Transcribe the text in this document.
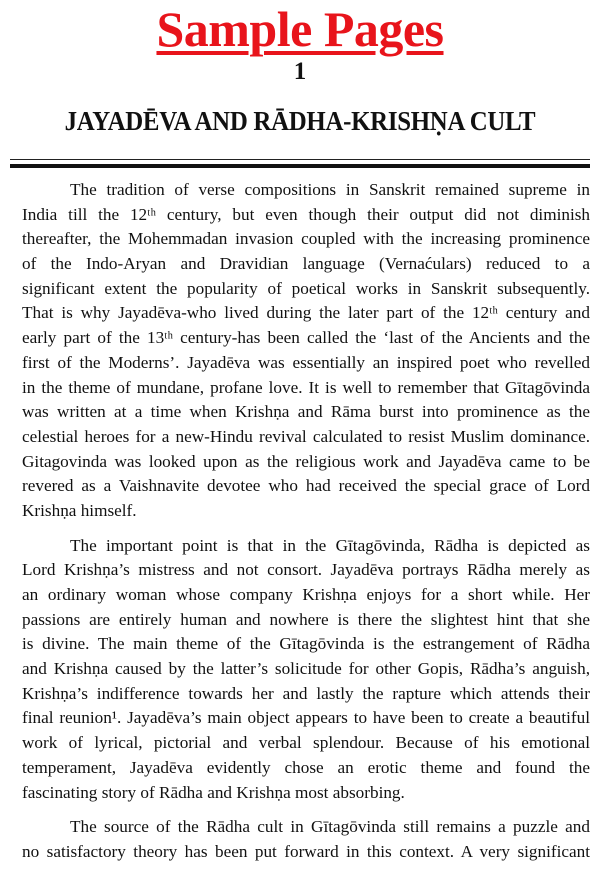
Sample Pages
1
JAYADĒVA AND RĀDHA-KRISHṆA CULT
The tradition of verse compositions in Sanskrit remained supreme in
India till the 12ᵗʰ century, but even though their output did not diminish
thereafter, the Mohemmadan invasion coupled with the increasing prominence
of the Indo-Aryan and Dravidian language (Vernaćulars) reduced to a
significant extent the popularity of poetical works in Sanskrit subsequently.
That is why Jayadēva-who lived during the later part of the 12ᵗʰ century and
early part of the 13ᵗʰ century-has been called the ‘last of the Ancients and the
first of the Moderns’. Jayadēva was essentially an inspired poet who revelled
in the theme of mundane, profane love. It is well to remember that Gītagōvinda
was written at a time when Krishṇa and Rāma burst into prominence as the
celestial heroes for a new-Hindu revival calculated to resist Muslim dominance.
Gitagovinda was looked upon as the religious work and Jayadēva came to be
revered as a Vaishnavite devotee who had received the special grace of Lord
Krishṇa himself.
The important point is that in the Gītagōvinda, Rādha is depicted as
Lord Krishṇa’s mistress and not consort. Jayadēva portrays Rādha merely as
an ordinary woman whose company Krishṇa enjoys for a short while. Her
passions are entirely human and nowhere is there the slightest hint that she
is divine. The main theme of the Gītagōvinda is the estrangement of Rādha
and Krishṇa caused by the latter’s solicitude for other Gopis, Rādha’s anguish,
Krishṇa’s indifference towards her and lastly the rapture which attends their
final reunion¹. Jayadēva’s main object appears to have been to create a beautiful
work of lyrical, pictorial and verbal splendour. Because of his emotional
temperament, Jayadēva evidently chose an erotic theme and found the
fascinating story of Rādha and Krishṇa most absorbing.
The source of the Rādha cult in Gītagōvinda still remains a puzzle and
no satisfactory theory has been put forward in this context. A very significant
